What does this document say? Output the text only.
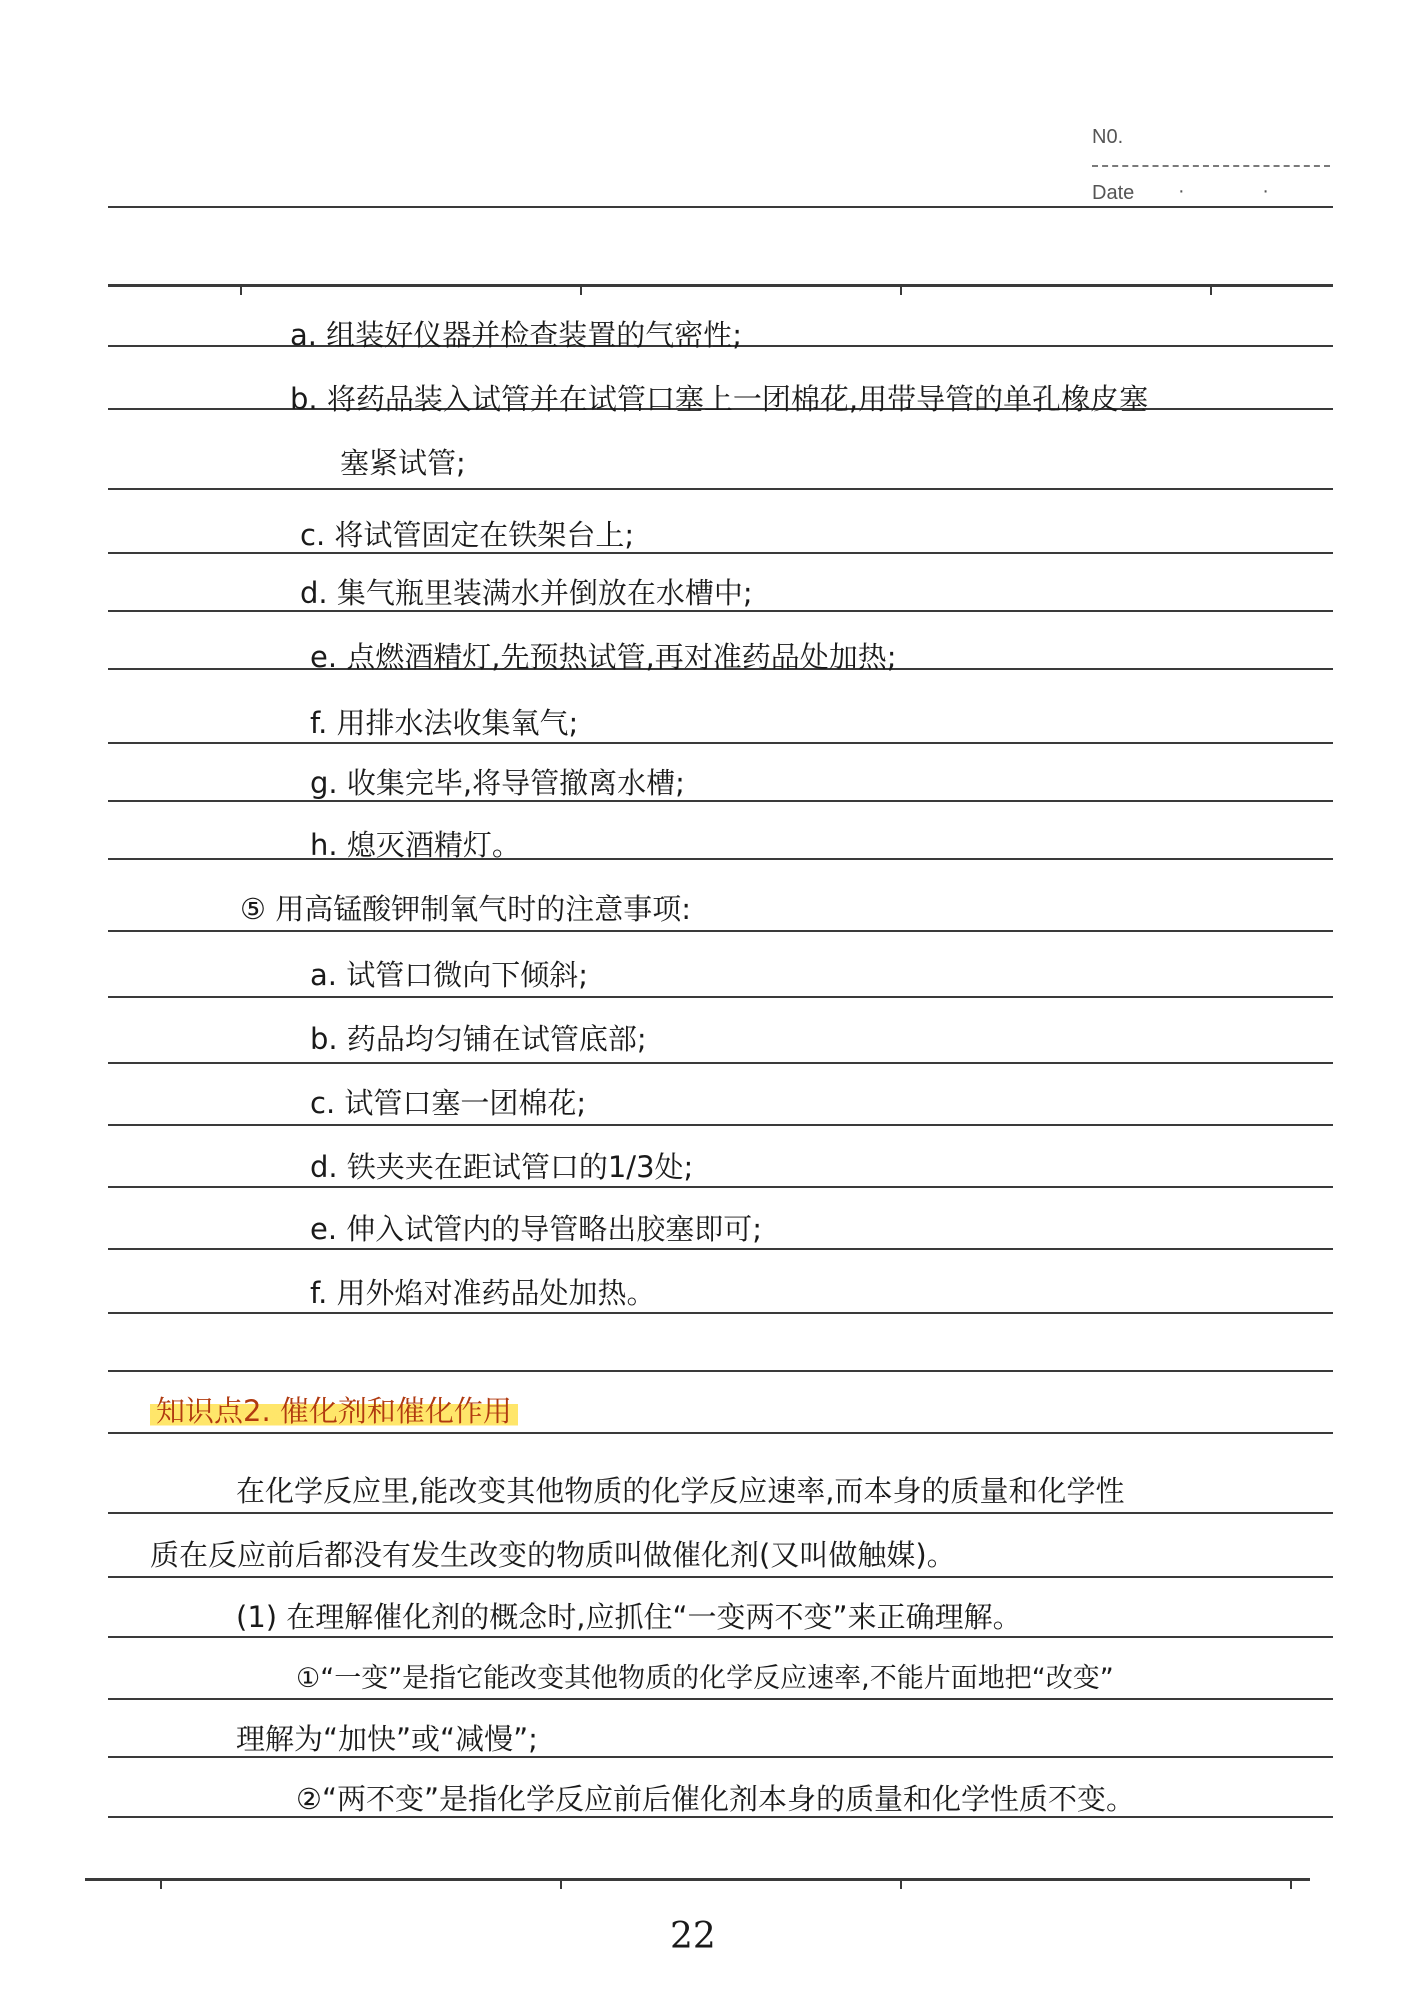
N0.
Date · ·
a. 组装好仪器并检查装置的气密性;
b. 将药品装入试管并在试管口塞上一团棉花,用带导管的单孔橡皮塞
塞紧试管;
c. 将试管固定在铁架台上;
d. 集气瓶里装满水并倒放在水槽中;
e. 点燃酒精灯,先预热试管,再对准药品处加热;
f. 用排水法收集氧气;
g. 收集完毕,将导管撤离水槽;
h. 熄灭酒精灯。
⑤ 用高锰酸钾制氧气时的注意事项:
a. 试管口微向下倾斜;
b. 药品均匀铺在试管底部;
c. 试管口塞一团棉花;
d. 铁夹夹在距试管口的1/3处;
e. 伸入试管内的导管略出胶塞即可;
f. 用外焰对准药品处加热。
知识点2. 催化剂和催化作用
在化学反应里,能改变其他物质的化学反应速率,而本身的质量和化学性
质在反应前后都没有发生改变的物质叫做催化剂(又叫做触媒)。
(1) 在理解催化剂的概念时,应抓住“一变两不变”来正确理解。
①“一变”是指它能改变其他物质的化学反应速率,不能片面地把“改变”
理解为“加快”或“减慢”;
②“两不变”是指化学反应前后催化剂本身的质量和化学性质不变。
22
